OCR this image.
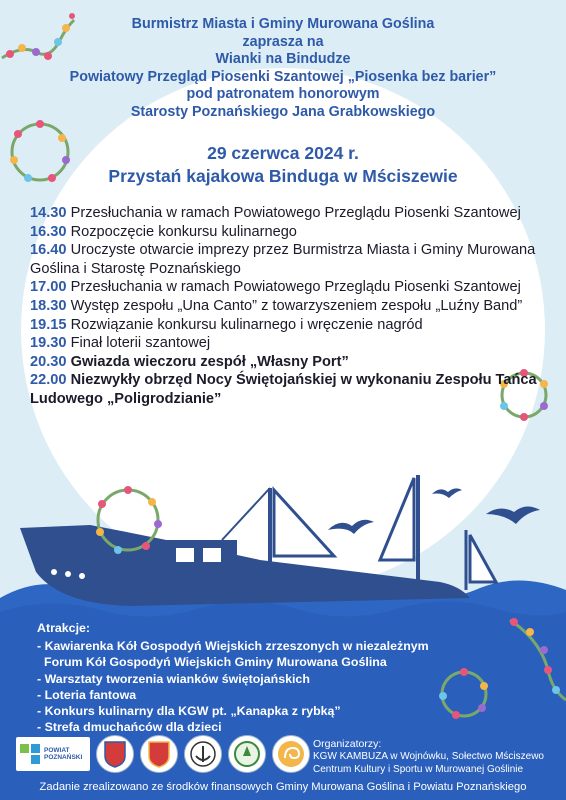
Burmistrz Miasta i Gminy Murowana Goślina
zaprasza na
Wianki na Bindudze
Powiatowy Przegląd Piosenki Szantowej „Piosenka bez barier”
pod patronatem honorowym
Starosty Poznańskiego Jana Grabkowskiego
29 czerwca 2024 r.
Przystań kajakowa Binduga w Mściszewie

14.30 Przesłuchania w ramach Powiatowego Przeglądu Piosenki Szantowej

16.30 Rozpoczęcie konkursu kulinarnego

16.40 Uroczyste otwarcie imprezy przez Burmistrza Miasta i Gminy Murowana Goślina i Starostę Poznańskiego

17.00 Przesłuchania w ramach Powiatowego Przeglądu Piosenki Szantowej

18.30 Występ zespołu „Una Canto” z towarzyszeniem zespołu „Luźny Band”

19.15 Rozwiązanie konkursu kulinarnego i wręczenie nagród

19.30 Finał loterii szantowej

20.30 Gwiazda wieczoru zespół „Własny Port”

22.00 Niezwykły obrzęd Nocy Świętojańskiej w wykonaniu Zespołu Tańca Ludowego „Poligrodzianie”

Atrakcje:

- Kawiarenka Kół Gospodyń Wiejskich zrzeszonych w niezależnym

Forum Kół Gospodyń Wiejskich Gminy Murowana Goślina

- Warsztaty tworzenia wianków świętojańskich

- Loteria fantowa

- Konkurs kulinarny dla KGW pt. „Kanapka z rybką”

- Strefa dmuchańców dla dzieci

POWIAT
POZNAŃSKI
Organizatorzy:
KGW KAMBUZA w Wojnówku, Sołectwo Mściszewo
Centrum Kultury i Sportu w Murowanej Goślinie
Zadanie zrealizowano ze środków finansowych Gminy Murowana Goślina i Powiatu Poznańskiego
